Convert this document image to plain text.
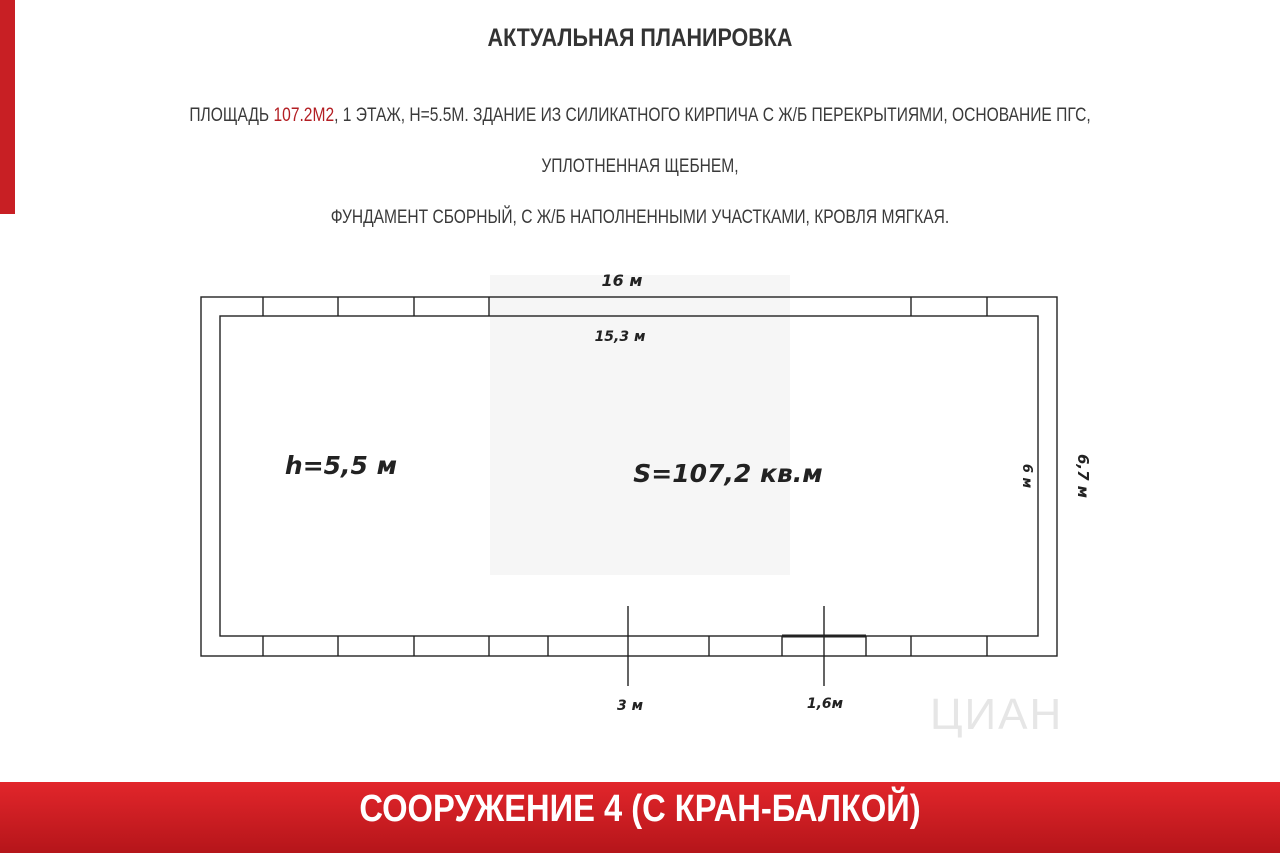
АКТУАЛЬНАЯ ПЛАНИРОВКА
ПЛОЩАДЬ 107.2М2, 1 ЭТАЖ, H=5.5М. ЗДАНИЕ ИЗ СИЛИКАТНОГО КИРПИЧА С Ж/Б ПЕРЕКРЫТИЯМИ, ОСНОВАНИЕ ПГС, УПЛОТНЕННАЯ ЩЕБНЕМ,
ФУНДАМЕНТ СБОРНЫЙ, С Ж/Б НАПОЛНЕННЫМИ УЧАСТКАМИ, КРОВЛЯ МЯГКАЯ.
16 м
15,3 м
h=5,5 м	S=107,2 кв.м	6 м	6,7 м
3 м	1,6м ЦИАН
СООРУЖЕНИЕ 4 (С КРАН-БАЛКОЙ)
